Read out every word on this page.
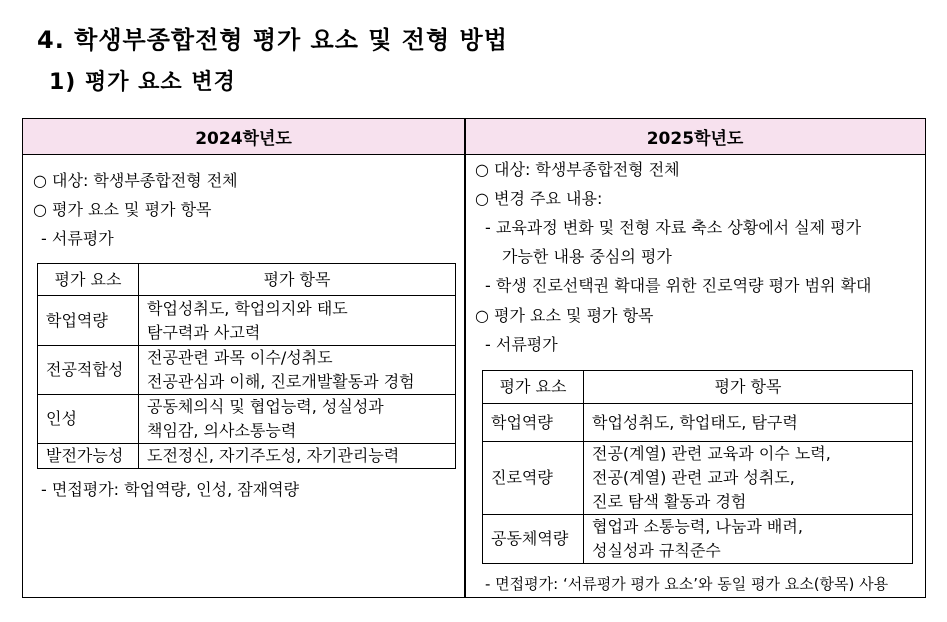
4. 학생부종합전형 평가 요소 및 전형 방법
1) 평가 요소 변경
2024학년도	2025학년도
○ 대상: 학생부종합전형 전체
○ 평가 요소 및 평가 항목
- 서류평가
평가 요소	평가 항목
학업역량	학업성취도, 학업의지와 태도
탐구력과 사고력

전공적합성	전공관련 과목 이수/성취도
전공관심과 이해, 진로개발활동과 경험

인성	공동체의식 및 협업능력, 성실성과
책임감, 의사소통능력

발전가능성	도전정신, 자기주도성, 자기관리능력
- 면접평가: 학업역량, 인성, 잠재역량
○ 대상: 학생부종합전형 전체
○ 변경 주요 내용:
- 교육과정 변화 및 전형 자료 축소 상황에서 실제 평가
가능한 내용 중심의 평가
- 학생 진로선택권 확대를 위한 진로역량 평가 범위 확대
○ 평가 요소 및 평가 항목
- 서류평가
평가 요소	평가 항목
학업역량	학업성취도, 학업태도, 탐구력

진로역량	전공(계열) 관련 교육과 이수 노력,
전공(계열) 관련 교과 성취도,
진로 탐색 활동과 경험

공동체역량	협업과 소통능력, 나눔과 배려,
성실성과 규칙준수
- 면접평가: ‘서류평가 평가 요소’와 동일 평가 요소(항목) 사용
